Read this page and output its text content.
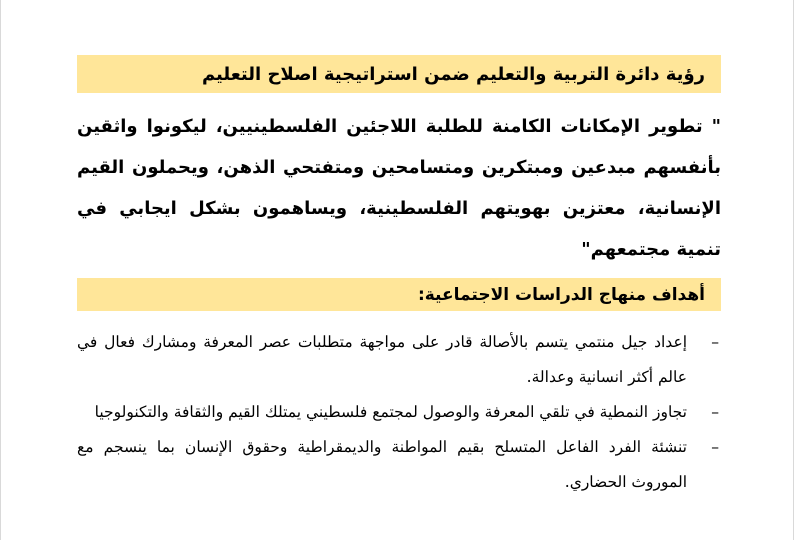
رؤية دائرة التربية والتعليم ضمن استراتيجية اصلاح التعليم

" تطوير الإمكانات الكامنة للطلبة اللاجئين الفلسطينيين، ليكونوا واثقين بأنفسهم مبدعين ومبتكرين ومتسامحين ومتفتحي الذهن، ويحملون القيم الإنسانية، معتزين بهويتهم الفلسطينية، ويساهمون بشكل ايجابي في تنمية مجتمعهم"

أهداف منهاج الدراسات الاجتماعية:
–
إعداد جيل منتمي يتسم بالأصالة قادر على مواجهة متطلبات عصر المعرفة ومشارك فعال في عالم أكثر انسانية وعدالة.
–
تجاوز النمطية في تلقي المعرفة والوصول لمجتمع فلسطيني يمتلك القيم والثقافة والتكنولوجيا
–
تنشئة الفرد الفاعل المتسلح بقيم المواطنة والديمقراطية وحقوق الإنسان بما ينسجم مع الموروث الحضاري.
